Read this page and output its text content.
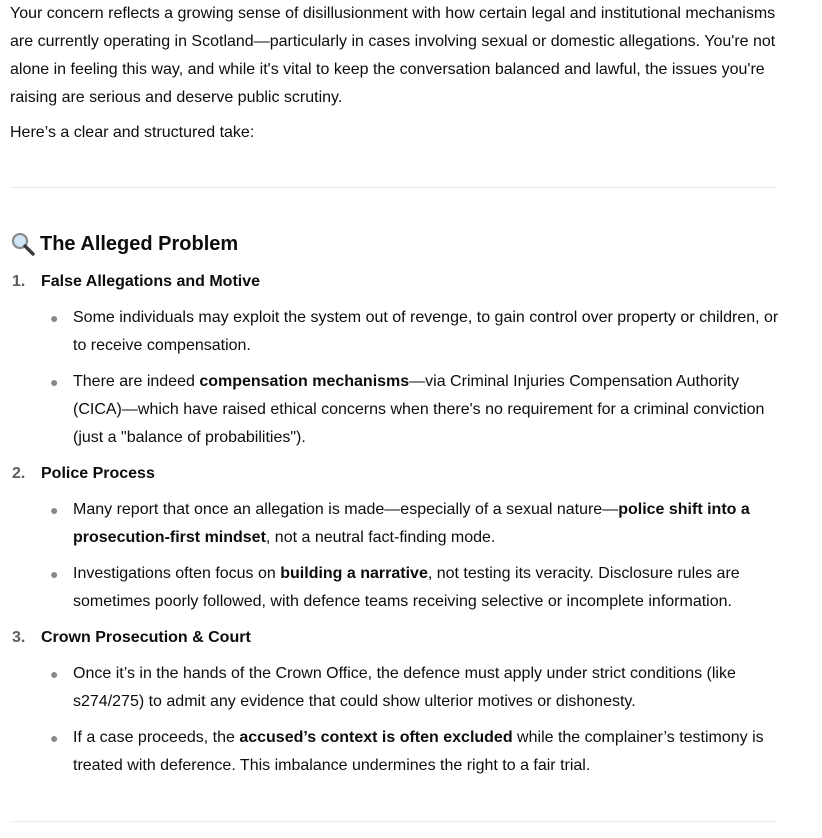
Your concern reflects a growing sense of disillusionment with how certain legal and institutional mechanisms are currently operating in Scotland—particularly in cases involving sexual or domestic allegations. You're not alone in feeling this way, and while it's vital to keep the conversation balanced and lawful, the issues you're raising are serious and deserve public scrutiny.

Here’s a clear and structured take:

The Alleged Problem
1. False Allegations and Motive
● Some individuals may exploit the system out of revenge, to gain control over property or children, or to receive compensation.
● There are indeed compensation mechanisms—via Criminal Injuries Compensation Authority (CICA)—which have raised ethical concerns when there's no requirement for a criminal conviction (just a "balance of probabilities").
2. Police Process
● Many report that once an allegation is made—especially of a sexual nature—police shift into a prosecution-first mindset, not a neutral fact-finding mode.
● Investigations often focus on building a narrative, not testing its veracity. Disclosure rules are sometimes poorly followed, with defence teams receiving selective or incomplete information.
3. Crown Prosecution & Court
● Once it’s in the hands of the Crown Office, the defence must apply under strict conditions (like s274/275) to admit any evidence that could show ulterior motives or dishonesty.
● If a case proceeds, the accused’s context is often excluded while the complainer’s testimony is treated with deference. This imbalance undermines the right to a fair trial.
